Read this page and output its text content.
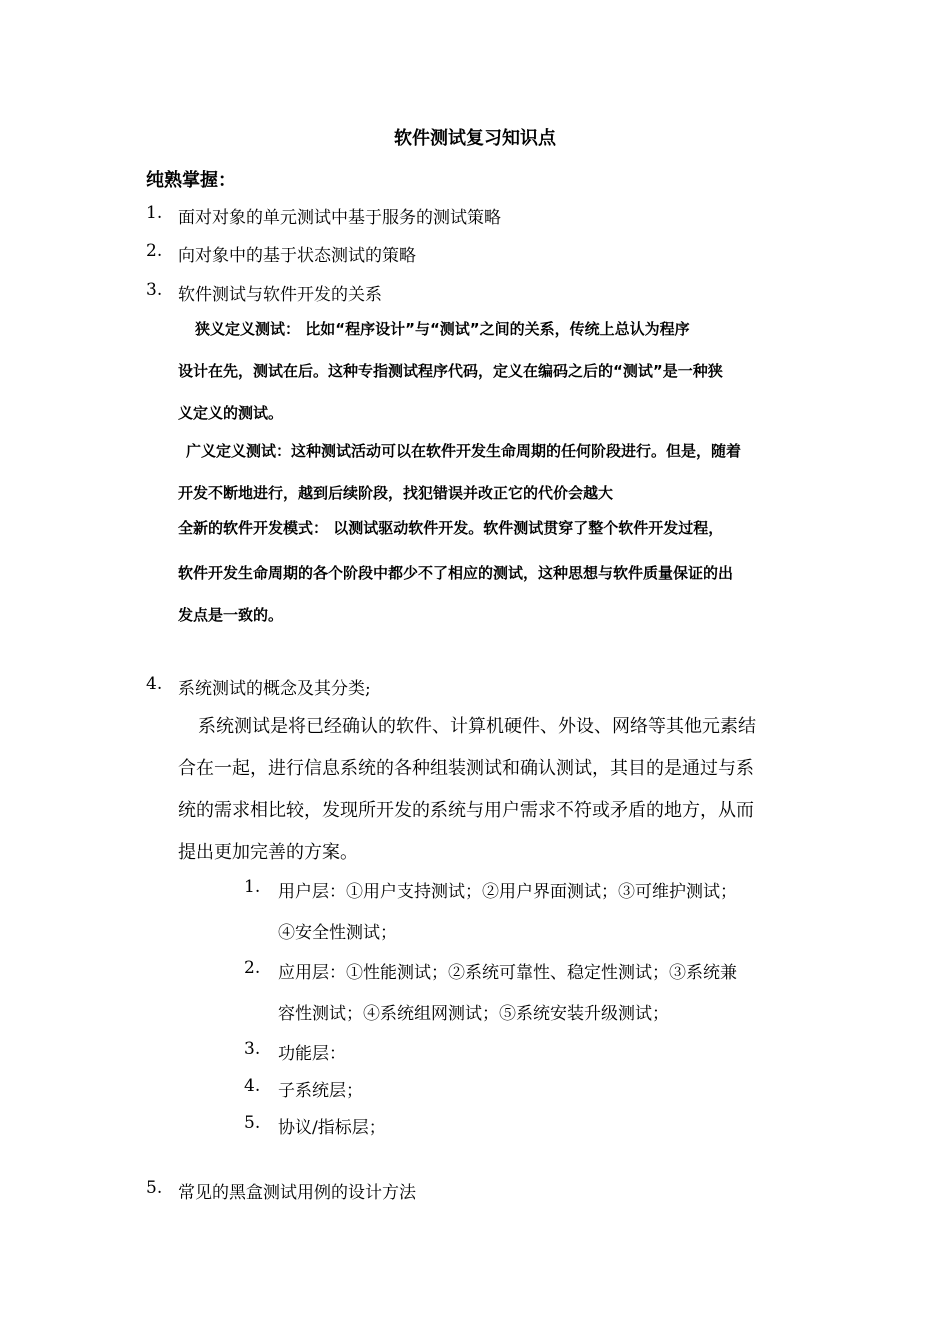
软件测试复习知识点
纯熟掌握：
1. 面对对象的单元测试中基于服务的测试策略
2. 向对象中的基于状态测试的策略
3. 软件测试与软件开发的关系
狭义定义测试： 比如“程序设计”与“测试”之间的关系，传统上总认为程序
设计在先，测试在后。这种专指测试程序代码，定义在编码之后的“测试”是一种狭
义定义的测试。
广义定义测试：这种测试活动可以在软件开发生命周期的任何阶段进行。但是，随着
开发不断地进行，越到后续阶段，找犯错误并改正它的代价会越大
全新的软件开发模式： 以测试驱动软件开发。软件测试贯穿了整个软件开发过程，
软件开发生命周期的各个阶段中都少不了相应的测试，这种思想与软件质量保证的出
发点是一致的。
4. 系统测试的概念及其分类;
系统测试是将已经确认的软件、计算机硬件、外设、网络等其他元素结
合在一起，进行信息系统的各种组装测试和确认测试，其目的是通过与系
统的需求相比较，发现所开发的系统与用户需求不符或矛盾的地方，从而
提出更加完善的方案。
1. 用户层：①用户支持测试；②用户界面测试；③可维护测试；
④安全性测试；
2. 应用层：①性能测试；②系统可靠性、稳定性测试；③系统兼
容性测试；④系统组网测试；⑤系统安装升级测试；
3. 功能层：
4. 子系统层；
5. 协议/指标层；
5. 常见的黑盒测试用例的设计方法
